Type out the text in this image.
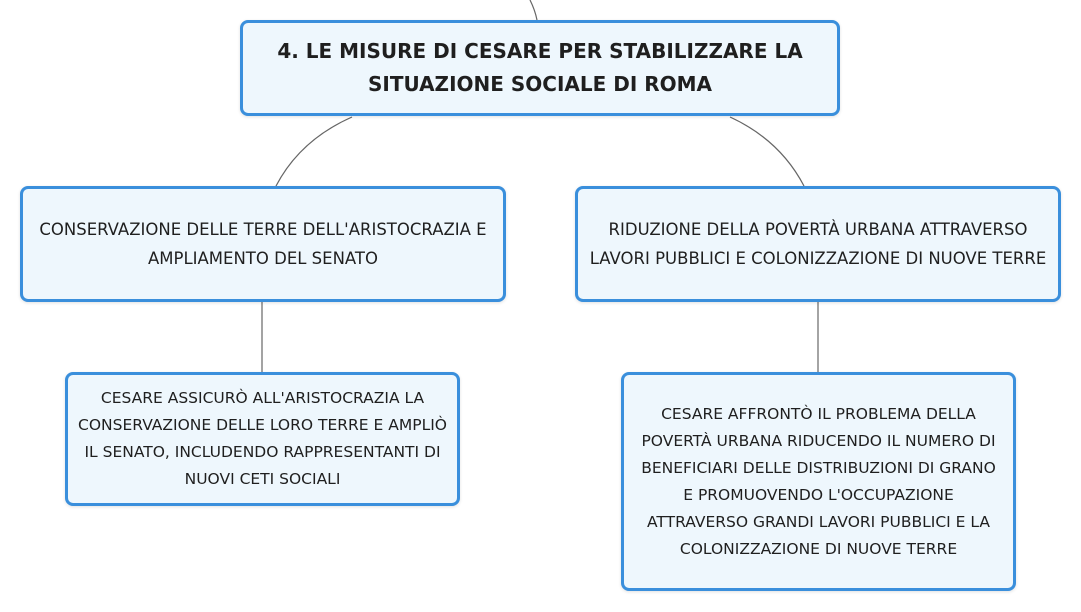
4. LE MISURE DI CESARE PER STABILIZZARE LA SITUAZIONE SOCIALE DI ROMA
CONSERVAZIONE DELLE TERRE DELL'ARISTOCRAZIA E AMPLIAMENTO DEL SENATO
RIDUZIONE DELLA POVERTÀ URBANA ATTRAVERSO LAVORI PUBBLICI E COLONIZZAZIONE DI NUOVE TERRE
CESARE ASSICURÒ ALL'ARISTOCRAZIA LA CONSERVAZIONE DELLE LORO TERRE E AMPLIÒ IL SENATO, INCLUDENDO RAPPRESENTANTI DI NUOVI CETI SOCIALI
CESARE AFFRONTÒ IL PROBLEMA DELLA POVERTÀ URBANA RIDUCENDO IL NUMERO DI BENEFICIARI DELLE DISTRIBUZIONI DI GRANO E PROMUOVENDO L'OCCUPAZIONE ATTRAVERSO GRANDI LAVORI PUBBLICI E LA COLONIZZAZIONE DI NUOVE TERRE
